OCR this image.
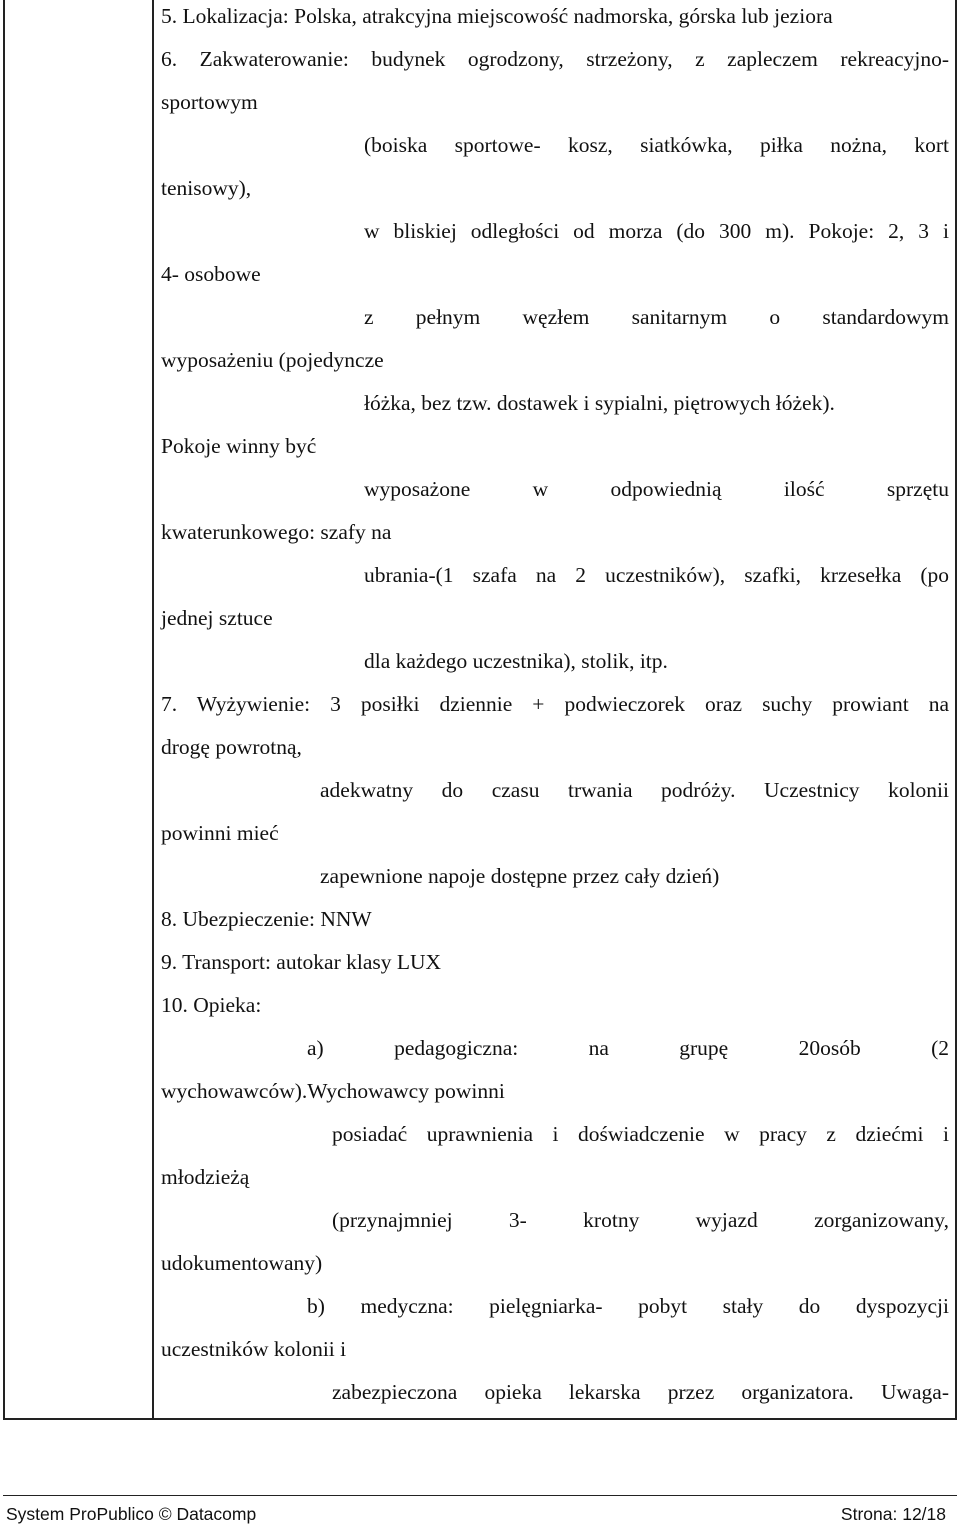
5. Lokalizacja: Polska, atrakcyjna miejscowość nadmorska, górska lub jeziora
6. Zakwaterowanie: budynek ogrodzony, strzeżony, z zapleczem rekreacyjno-
sportowym
(boiska sportowe- kosz, siatkówka, piłka nożna, kort
tenisowy),
w bliskiej odległości od morza (do 300 m). Pokoje: 2, 3 i
4- osobowe
z pełnym węzłem sanitarnym o standardowym
wyposażeniu (pojedyncze
łóżka, bez tzw. dostawek i sypialni, piętrowych łóżek).
Pokoje winny być
wyposażone w odpowiednią ilość sprzętu
kwaterunkowego: szafy na
ubrania-(1 szafa na 2 uczestników), szafki, krzesełka (po
jednej sztuce
dla każdego uczestnika), stolik, itp.
7. Wyżywienie: 3 posiłki dziennie + podwieczorek oraz suchy prowiant na
drogę powrotną,
adekwatny do czasu trwania podróży. Uczestnicy kolonii
powinni mieć
zapewnione napoje dostępne przez cały dzień)
8. Ubezpieczenie: NNW
9. Transport: autokar klasy LUX
10. Opieka:
a) pedagogiczna: na grupę 20osób (2
wychowawców).Wychowawcy powinni
posiadać uprawnienia i doświadczenie w pracy z dziećmi i
młodzieżą
(przynajmniej 3- krotny wyjazd zorganizowany,
udokumentowany)
b) medyczna: pielęgniarka- pobyt stały do dyspozycji
uczestników kolonii i
zabezpieczona opieka lekarska przez organizatora. Uwaga-
System ProPublico © Datacomp	Strona: 12/18
